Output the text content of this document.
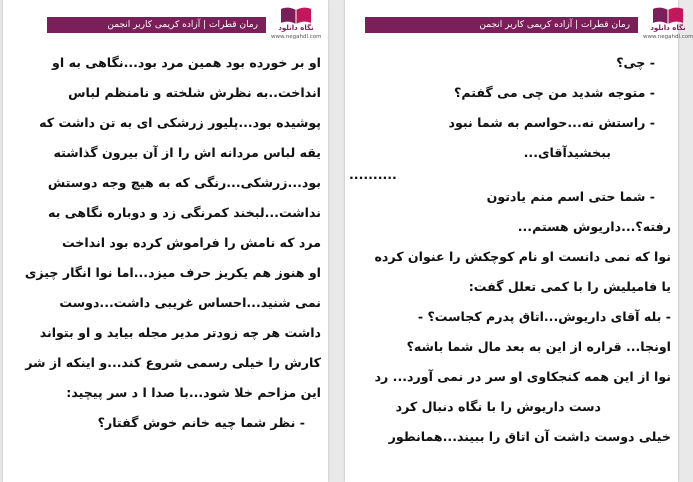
رمان قطرات | آزاده کریمی کاربر انجمن	نگاه دانلود
www.negahdl.com
او بر خورده بود همین مرد بود...نگاهی به او
انداخت..به نظرش شلخته و نامنظم لباس
پوشیده بود...پلیور زرشکی ای به تن داشت که
یقه لباس مردانه اش را از آن بیرون گذاشته
بود...زرشکی...رنگی که به هیچ وجه دوستش
نداشت...لبخند کمرنگی زد و دوباره نگاهی به
مرد که نامش را فراموش کرده بود انداخت
او هنوز هم یکریز حرف میزد...اما نوا انگار چیزی
نمی شنید...احساس غریبی داشت...دوست
داشت هر چه زودتر مدیر مجله بیاید و او بتواند
کارش را خیلی رسمی شروع کند...و اینکه از شر
این مزاحم خلا شود...با صدا ا د سر پیچید:
- نظر شما چیه خانم خوش گفتار؟
رمان قطرات | آزاده کریمی کاربر انجمن	نگاه دانلود
www.negahdl.com
- چی؟
- متوجه شدید من چی می گفتم؟
- راستش نه...حواسم به شما نبود
ببخشیدآقای...
..........
- شما حتی اسم منم یادتون
رفته؟...داریوش هستم...
نوا که نمی دانست او نام کوچکش را عنوان کرده
یا فامیلیش را با کمی تعلل گفت:
- بله آقای داریوش...اتاق پدرم کجاست؟ -
اونجا... قراره از این به بعد مال شما باشه؟
نوا از این همه کنجکاوی او سر در نمی آورد... رد
دست داریوش را با نگاه دنبال کرد
خیلی دوست داشت آن اتاق را ببیند...همانطور
